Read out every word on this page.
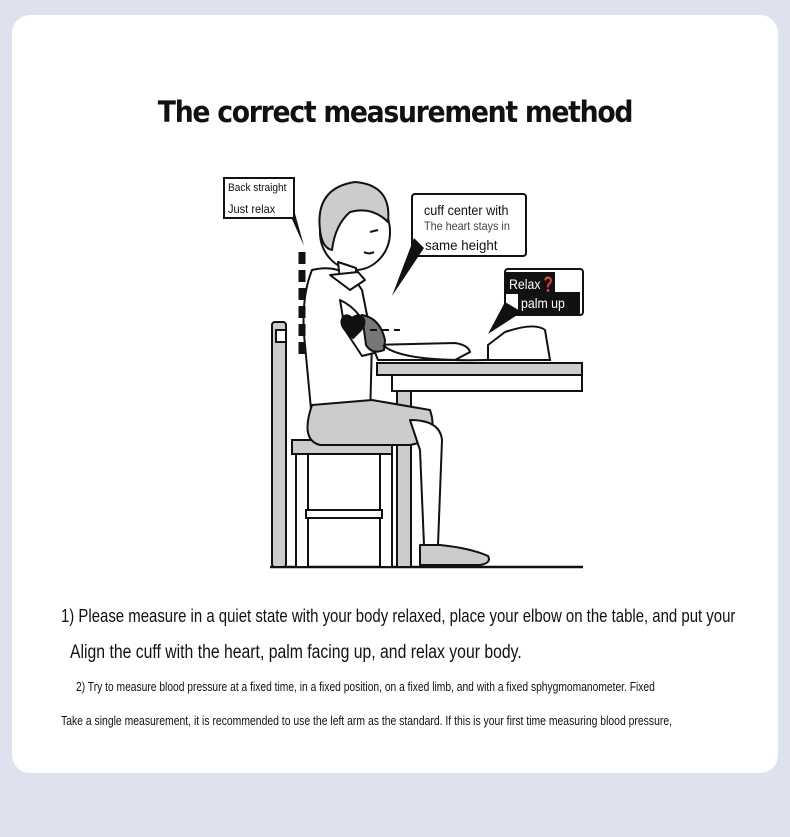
The correct measurement method
Back straight
Just relax	cuff center with
The heart stays in
same height
Relax❓
palm up
1) Please measure in a quiet state with your body relaxed, place your elbow on the table, and put your
Align the cuff with the heart, palm facing up, and relax your body.
2) Try to measure blood pressure at a fixed time, in a fixed position, on a fixed limb, and with a fixed sphygmomanometer. Fixed
Take a single measurement, it is recommended to use the left arm as the standard. If this is your first time measuring blood pressure,
